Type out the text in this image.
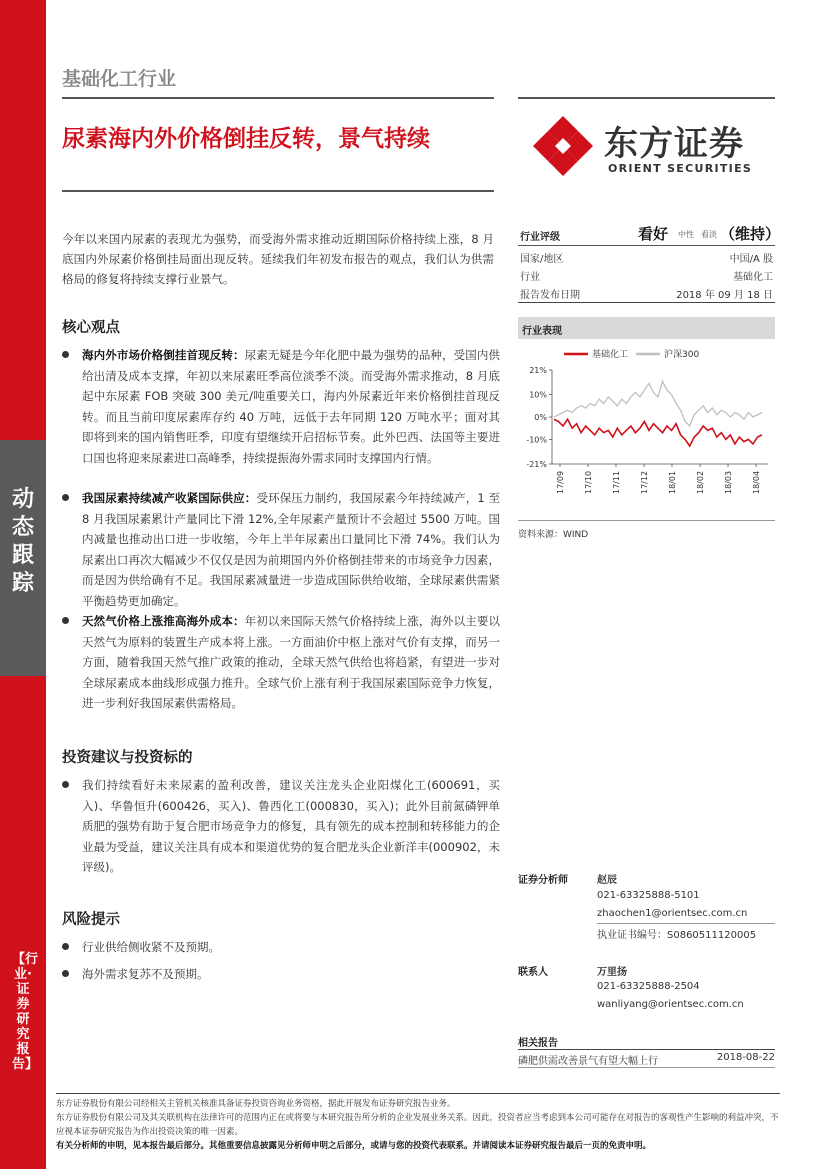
动态跟踪
【行业·证券研究报告】
基础化工行业
尿素海内外价格倒挂反转，景气持续	东方证券
ORIENT SECURITIES
今年以来国内尿素的表现尤为强势，而受海外需求推动近期国际价格持续上涨，8 月底国内外尿素价格倒挂局面出现反转。延续我们年初发布报告的观点，我们认为供需格局的修复将持续支撑行业景气。
核心观点
海内外市场价格倒挂首现反转：尿素无疑是今年化肥中最为强势的品种，受国内供给出清及成本支撑，年初以来尿素旺季高位淡季不淡。而受海外需求推动，8 月底起中东尿素 FOB 突破 300 美元/吨重要关口，海内外尿素近年来价格倒挂首现反转。而且当前印度尿素库存约 40 万吨，远低于去年同期 120 万吨水平；面对其即将到来的国内销售旺季，印度有望继续开启招标节奏。此外巴西、法国等主要进口国也将迎来尿素进口高峰季，持续提振海外需求同时支撑国内行情。
我国尿素持续减产收紧国际供应：受环保压力制约，我国尿素今年持续减产，1 至 8 月我国尿素累计产量同比下滑 12%,全年尿素产量预计不会超过 5500 万吨。国内减量也推动出口进一步收缩，今年上半年尿素出口量同比下滑 74%。我们认为尿素出口再次大幅减少不仅仅是因为前期国内外价格倒挂带来的市场竞争力因素，而是因为供给确有不足。我国尿素减量进一步造成国际供给收缩，全球尿素供需紧平衡趋势更加确定。
天然气价格上涨推高海外成本：年初以来国际天然气价格持续上涨，海外以主要以天然气为原料的装置生产成本将上涨。一方面油价中枢上涨对气价有支撑，而另一方面，随着我国天然气推广政策的推动，全球天然气供给也将趋紧，有望进一步对全球尿素成本曲线形成强力推升。全球气价上涨有利于我国尿素国际竞争力恢复，进一步利好我国尿素供需格局。
投资建议与投资标的
我们持续看好未来尿素的盈利改善，建议关注龙头企业阳煤化工(600691，买入)、华鲁恒升(600426，买入)、鲁西化工(000830，买入)；此外目前氮磷钾单质肥的强势有助于复合肥市场竞争力的修复，具有领先的成本控制和转移能力的企业最为受益，建议关注具有成本和渠道优势的复合肥龙头企业新洋丰(000902，未评级)。
风险提示
行业供给侧收紧不及预期。
海外需求复苏不及预期。
行业评级	看好 中性 看淡 （维持）
国家/地区	中国/A 股
行业	基础化工
报告发布日期	2018 年 09 月 18 日
行业表现
基础化工	沪深300
21%
10%
0%
-10%
-21%
17/09 17/10 17/11 17/12 18/01 18/02 18/03 18/04
资料来源：WIND
证券分析师	赵辰
021-63325888-5101
zhaochen1@orientsec.com.cn
执业证书编号：S0860511120005
联系人	万里扬
021-63325888-2504
wanliyang@orientsec.com.cn
相关报告
磷肥供需改善景气有望大幅上行	2018-08-22
东方证券股份有限公司经相关主管机关核准具备证券投资咨询业务资格，据此开展发布证券研究报告业务。
东方证券股份有限公司及其关联机构在法律许可的范围内正在或将要与本研究报告所分析的企业发展业务关系。因此，投资者应当考虑到本公司可能存在对报告的客观性产生影响的利益冲突，不应视本证券研究报告为作出投资决策的唯一因素。
有关分析师的申明，见本报告最后部分。其他重要信息披露见分析师申明之后部分，或请与您的投资代表联系。并请阅读本证券研究报告最后一页的免责申明。
